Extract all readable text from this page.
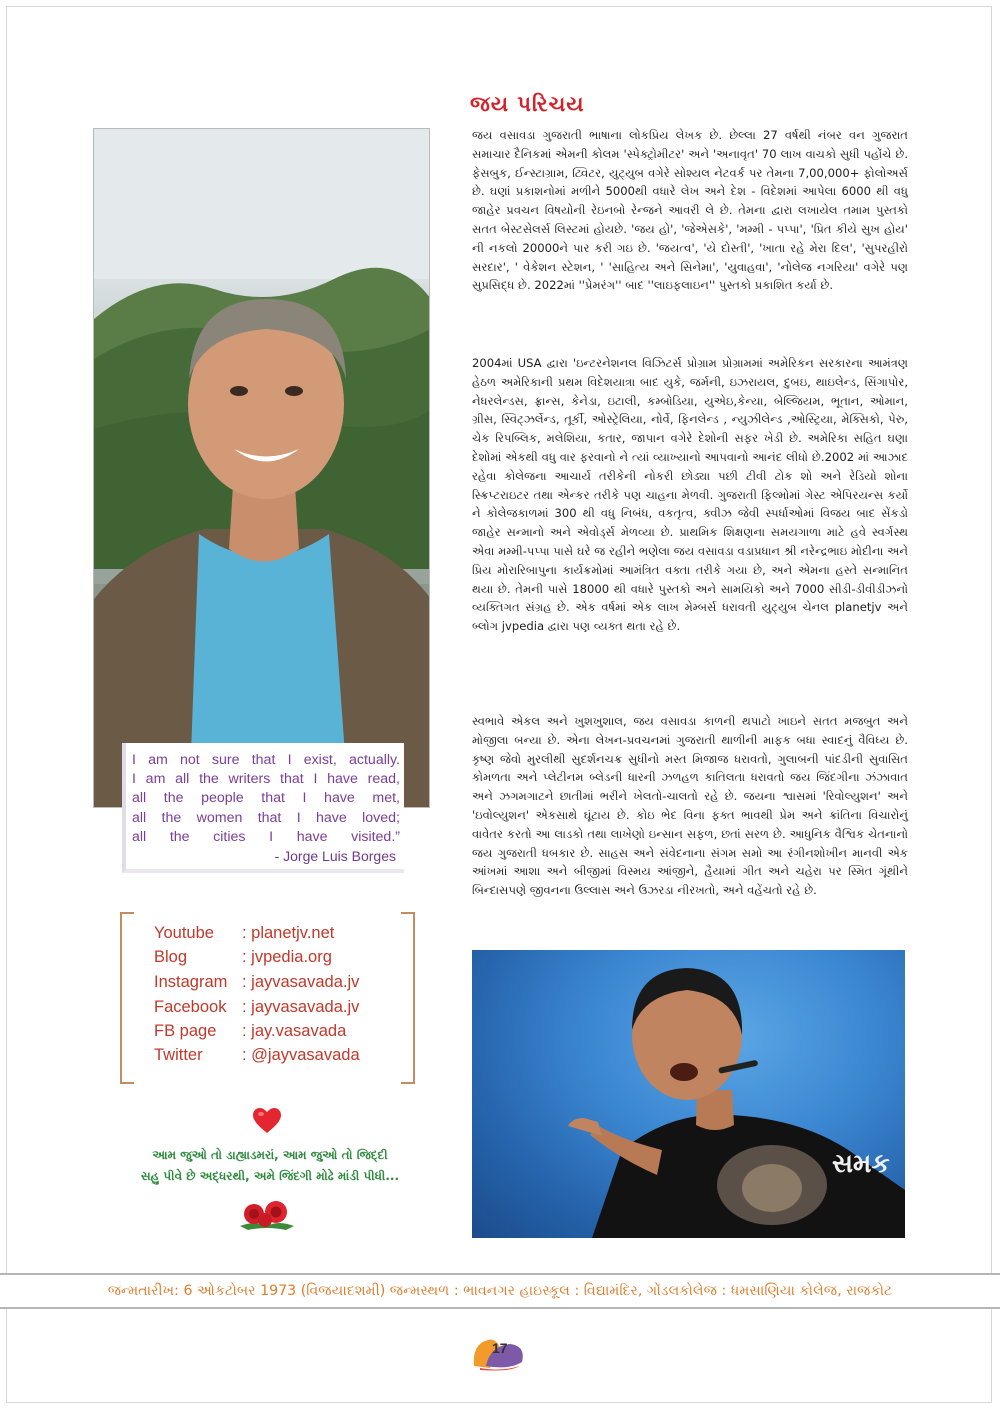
જય પરિચય

જય વસાવડા ગુજરાતી ભાષાના લોકપ્રિય લેખક છે. છેલ્લા 27 વર્ષથી નંબર વન ગુજરાત સમાચાર દૈનિકમાં એમની કોલમ 'સ્પેક્ટ્રોમીટર' અને 'અનાવૃત' 70 લાખ વાચકો સુધી પહોંચે છે. ફેસબુક, ઈન્સ્ટાગ્રામ, ટ્વિટર, યુટ્યુબ વગેરે સોશ્યલ નેટવર્ક પર તેમના 7,00,000+ ફોલોઅર્સ છે. ઘણાં પ્રકાશનોમાં મળીને 5000થી વધારે લેખ અને દેશ - વિદેશમાં આપેલા 6000 થી વધુ જાહેર પ્રવચન વિષયોની રેઇનબો રેન્જને આવરી લે છે. તેમના દ્વારા લખાયેલ તમામ પુસ્તકો સતત બેસ્ટસેલર્સ લિસ્ટમાં હોયછે. 'જય હો', 'જેએસકે', 'મમ્મી - પપ્પા', 'પ્રિત કીયે સુખ હોય' ની નકલો 20000ને પાર કરી ગઇ છે. 'જયત્વ', 'યે દોસ્તી', 'ખાતા રહે મેરા દિલ', 'સુપરહીરો સરદાર', ' વેકેશન સ્ટેશન, ' 'સાહિત્ય અને સિનેમા', 'યુવાહવા', 'નોલેજ નગરિયા' વગેરે પણ સુપ્રસિદ્ધ છે. 2022માં ''પ્રેમરંગ'' બાદ ''લાઇફલાઇન'' પુસ્તકો પ્રકાશિત કર્યા છે.

2004માં USA દ્વારા 'ઇન્ટરનેશનલ વિઝિટર્સ પ્રોગ્રામ પ્રોગ્રામમાં અમેરિકન સરકારના આમંત્રણ હેઠળ અમેરિકાની પ્રથમ વિદેશયાત્રા બાદ યુકે, જર્મની, ઇઝરાયલ, દુબઇ, થાઇલેન્ડ, સિંગાપોર, નેધરલેન્ડસ, ફ્રાન્સ, કેનેડા, ઇટાલી, કમ્બોડિયા, યુએઇ,કેન્યા, બેલ્જિયમ, ભૂતાન, ઓમાન, ગ્રીસ, સ્વિટ્ઝર્લેન્ડ, તૂર્કી, ઓસ્ટ્રેલિયા, નોર્વે, ફિનલેન્ડ , ન્યુઝીલેન્ડ ,ઓસ્ટ્રિયા, મેક્સિકો, પેરુ, ચેક રિપબ્લિક, મલેશિયા, કતાર, જાપાન વગેરે દેશોની સફર ખેડી છે. અમેરિકા સહિત ઘણા દેશોમાં એકથી વધુ વાર ફરવાનો ને ત્યાં વ્યાખ્યાનો આપવાનો આનંદ લીધો છે.2002 માં આઝાદ રહેવા કોલેજના આચાર્ય તરીકેની નોકરી છોડ્યા પછી ટીવી ટોક શો અને રેડિયો શોના સ્ક્રિપ્ટરાઇટર તથા એન્કર તરીકે પણ ચાહના મેળવી. ગુજરાતી ફિલ્મોમાં ગેસ્ટ એપિરયન્સ કર્યો ને કોલેજકાળમાં 300 થી વધુ નિબંધ, વકતૃત્વ, ક્વીઝ જેવી સ્પર્ધાઓમાં વિજય બાદ સેંકડો જાહેર સન્માનો અને એવોર્ડ્સ મેળવ્યા છે. પ્રાથમિક શિક્ષણના સમયગાળા માટે હવે સ્વર્ગસ્થ એવા મમ્મી-પપ્પા પાસે ઘરે જ રહીને ભણેલા જય વસાવડા વડાપ્રધાન શ્રી નરેન્દ્રભાઇ મોદીના અને પ્રિય મોરારિબાપુના કાર્યક્રમોમાં આમંત્રિત વક્તા તરીકે ગયા છે, અને એમના હસ્તે સન્માનિત થયા છે. તેમની પાસે 18000 થી વધારે પુસ્તકો અને સામયિકો અને 7000 સીડી-ડીવીડીઝનો વ્યક્તિગત સંગ્રહ છે. એક વર્ષમાં એક લાખ મેમ્બર્સ ધરાવતી યુટ્યુબ ચેનલ planetjv અને બ્લોગ jvpedia દ્વારા પણ વ્યક્ત થતા રહે છે.

સ્વભાવે એકલ અને ખુશખુશાલ, જય વસાવડા કાળની થપાટો ખાઇને સતત મજબુત અને મોજીલા બન્યા છે. એના લેખન-પ્રવચનમાં ગુજરાતી થાળીની માફક બધા સ્વાદનું વૈવિધ્ય છે. કૃષ્ણ જેવો મુરલીથી સુદર્શનચક્ર સુધીનો મસ્ત મિજાજ ધરાવતો, ગુલાબની પાંદડીની સુવાસિત કોમળતા અને પ્લેટીનમ બ્લેડની ધારની ઝળહળ કાતિલતા ધરાવતો જય જિંદગીના ઝંઝાવાત અને ઝગમગાટને છાતીમાં ભરીને ખેલતો-ચાલતો રહે છે. જયના શ્વાસમાં 'રિવોલ્યુશન' અને 'ઇવોલ્યુશન' એકસાથે ઘૂંટાય છે. કોઇ ભેદ વિના ફક્ત ભાવથી પ્રેમ અને ક્રાંતિના વિચારોનું વાવેતર કરતો આ લાડકો તથા લાખેણો ઇન્સાન સફળ, છતાં સરળ છે. આધુનિક વૈશ્વિક ચેતનાનો જય ગુજરાતી ધબકાર છે. સાહસ અને સંવેદનાના સંગમ સમો આ રંગીનશોખીન માનવી એક આંખમાં આશા અને બીજીમાં વિસ્મય આંજીને, હૈયામાં ગીત અને ચહેરા પર સ્મિત ગૂંથીને બિન્દાસપણે જીવનના ઉલ્લાસ અને ઉઝરડા નીરખતો, અને વહેંચતો રહે છે.

I am not sure that I exist, actually.
I am all the writers that I have read,
all the people that I have met,
all the women that I have loved;
all the cities I have visited.”
- Jorge Luis Borges
Youtube : planetjv.net
Blog	: jvpedia.org
Instagram : jayvasavada.jv
Facebook : jayvasavada.jv
FB page : jay.vasavada
Twitter : @jayvasavada
આમ જુઓ તો ડાહ્યાડમરાં, આમ જુઓ તો જિદ્દી
સહુ પીવે છે અદ્ધરથી, અમે જિંદગી મોઢે માંડી પીધી...	સમક
જન્મતારીખ: 6 ઓકટોબર 1973 (વિજયાદશમી) જન્મસ્થળ : ભાવનગર હાઇસ્કૂલ : વિદ્યામંદિર, ગોંડલકોલેજ : ધમસાણિયા કોલેજ, રાજકોટ
17
